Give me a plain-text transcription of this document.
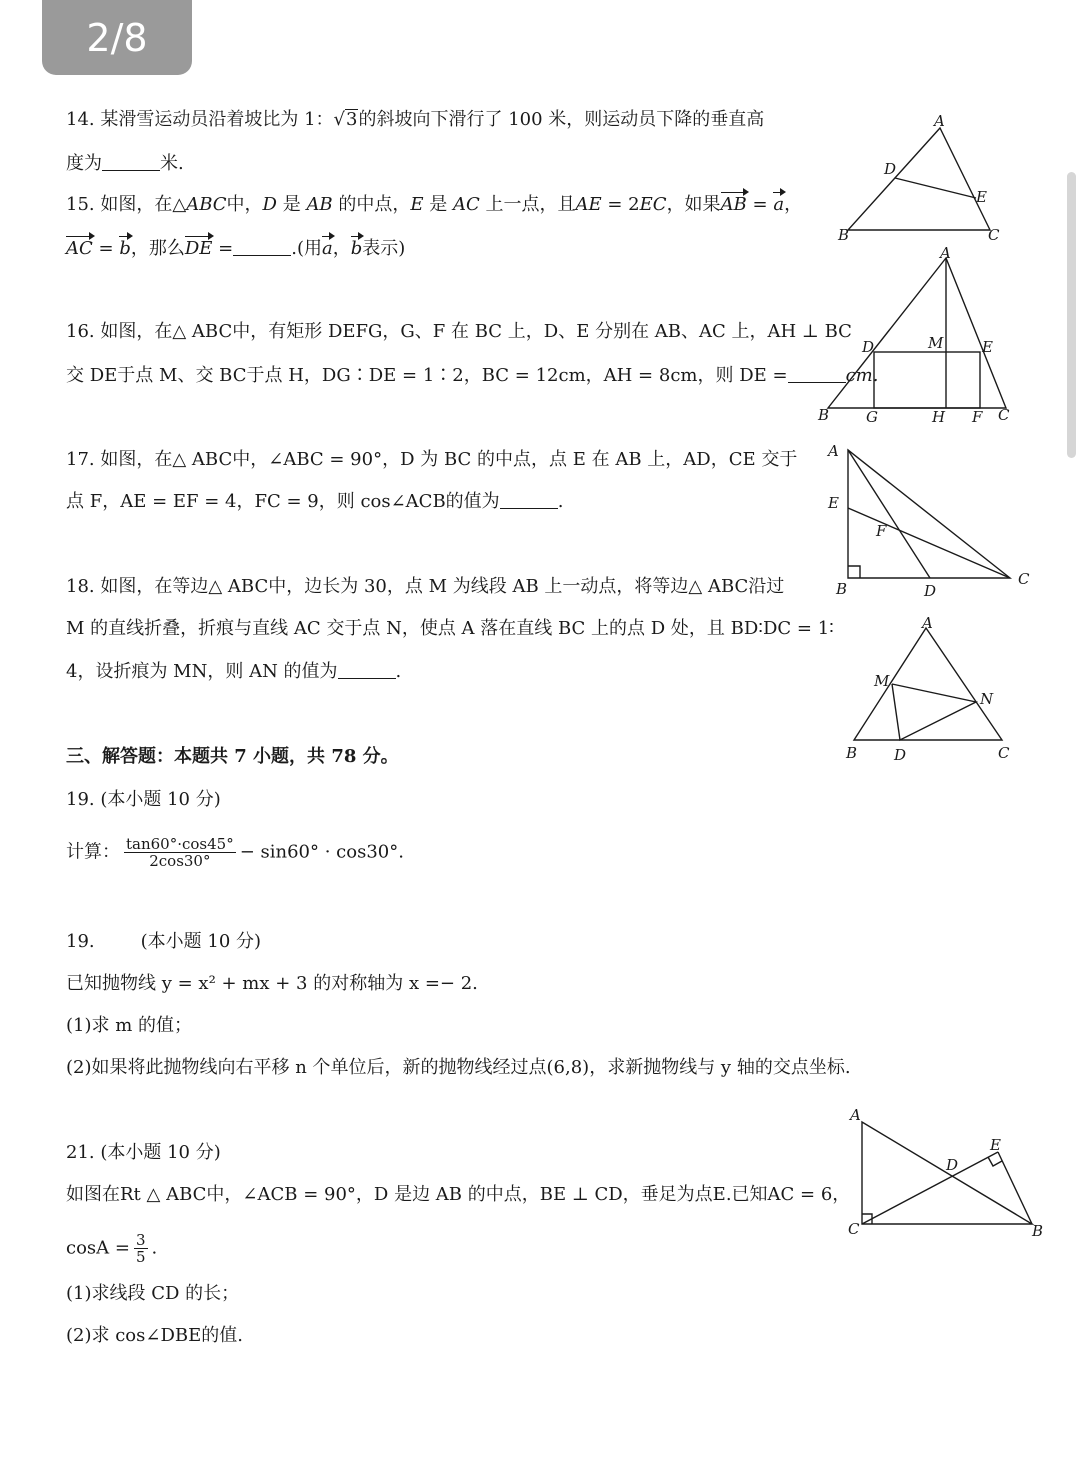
2/8
14. 某滑雪运动员沿着坡比为 1：√3的斜坡向下滑行了 100 米，则运动员下降的垂直高
度为	米.
15. 如图，在△ABC中，D 是 AB 的中点，E 是 AC 上一点，且AE = 2EC，如果AB = a，
AC = b，那么DE =	.(用a，b表示)
16. 如图，在△ ABC中，有矩形 DEFG，G、F 在 BC 上，D、E 分别在 AB、AC 上，AH ⊥ BC
交 DE于点 M、交 BC于点 H，DG∶DE = 1∶2，BC = 12cm，AH = 8cm，则 DE =	cm.
17. 如图，在△ ABC中，∠ABC = 90°，D 为 BC 的中点，点 E 在 AB 上，AD，CE 交于
点 F，AE = EF = 4，FC = 9，则 cos∠ACB的值为	.
18. 如图，在等边△ ABC中，边长为 30，点 M 为线段 AB 上一动点，将等边△ ABC沿过
M 的直线折叠，折痕与直线 AC 交于点 N，使点 A 落在直线 BC 上的点 D 处，且 BD∶DC = 1∶
4，设折痕为 MN，则 AN 的值为	.
三、解答题：本题共 7 小题，共 78 分。
19. (本小题 10 分)
计算： $\frac{\tan 60^\circ\cdot\cos 45^\circ}{2\cos 30^\circ} - \sin 60^\circ \cdot \cos 30^\circ$.
19.	(本小题 10 分)
已知抛物线 y = x² + mx + 3 的对称轴为 x =− 2.
(1)求 m 的值；
(2)如果将此抛物线向右平移 n 个单位后，新的抛物线经过点(6,8)，求新抛物线与 y 轴的交点坐标.
21. (本小题 10 分)
如图在Rt △ ABC中，∠ACB = 90°，D 是边 AB 的中点，BE ⊥ CD，垂足为点E.已知AC = 6，
$\cos A = \frac{3}{5}$ .
(1)求线段 CD 的长；
(2)求 cos∠DBE的值.
A
B	C
D
E
A
B	C
D	E
M
G	H F
A
B
C
D
E
F
A
B	C
D
M
N
A
B
C
D
E
